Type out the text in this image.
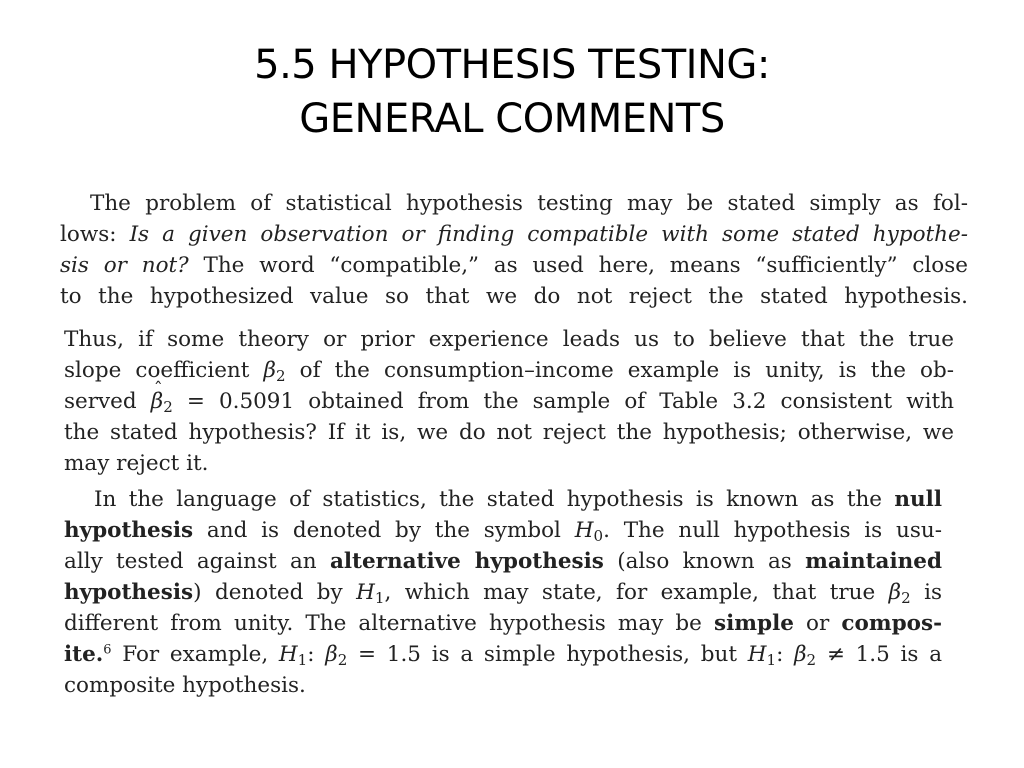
5.5 HYPOTHESIS TESTING:
GENERAL COMMENTS
The problem of statistical hypothesis testing may be stated simply as fol-
lows: Is a given observation or finding compatible with some stated hypothe-
sis or not? The word “compatible,” as used here, means “sufficiently” close
to the hypothesized value so that we do not reject the stated hypothesis.
Thus, if some theory or prior experience leads us to believe that the true
slope coefficient $\beta_2$ of the consumption–income example is unity, is the ob-
served ˆ $\beta_2 = 0.5091$ obtained from the sample of Table 3.2 consistent with
the stated hypothesis? If it is, we do not reject the hypothesis; otherwise, we
may reject it.
In the language of statistics, the stated hypothesis is known as the null
hypothesis and is denoted by the symbol $H_0$. The null hypothesis is usu-
ally tested against an alternative hypothesis (also known as maintained
hypothesis) denoted by $H_1$, which may state, for example, that true $\beta_2$ is
different from unity. The alternative hypothesis may be simple or compos-
ite.$^6$ For example, $H_1$: $\beta_2 = 1.5$ is a simple hypothesis, but $H_1$: $\beta_2 \ne 1.5$ is a
composite hypothesis.
